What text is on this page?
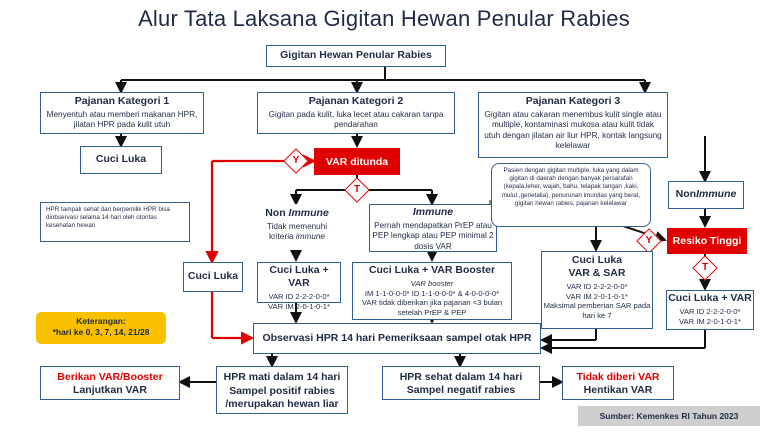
Alur Tata Laksana Gigitan Hewan Penular Rabies
Gigitan Hewan Penular Rabies
Pajanan Kategori 1
Menyentuh atau memberi makanan HPR, jilatan HPR pada kulit utuh
Pajanan Kategori 2
Gigitan pada kulit, luka lecet atau cakaran tanpa pendarahan
Pajanan Kategori 3
Gigitan atau cakaran menembus kulit single atau multiple, kontaminasi mukosa atau kulit tidak utuh dengan jilatan air liur HPR, kontak langsung kelelawar
Cuci Luka	VAR ditunda
Y
T
HPR tampak sehat dan berpemilik HPR bisa diobservasi selama 14 hari oleh otoritas kesehatan hewan
Cuci Luka
Non Immune
Tidak memenuhi kriteria immune
Immune
Pernah mendapatkan PrEP atau PEP lengkap atau PEP minimal 2 dosis VAR
Pasien dengan gigitan multiple, luka yang dalam gigitan di daerah dengan banyak persarafan (kepala,leher, wajah, bahu, telapak tangan ,kaki, mulut ,genetalia), penurunan imunitas yang berat, gigitan hewan rabies, pajanan kelelawar
Y
Non Immune
Resiko Tinggi
T
Cuci Luka + VAR
VAR ID 2-2-2-0-0*
VAR IM 2-0-1-0-1*
Cuci Luka + VAR Booster
VAR booster
IM 1-1-0-0-0* ID 1-1-0-0-0* & 4-0-0-0-0*
VAR tidak diberikan jika pajanan <3 bulan setelah PrEP & PEP
Cuci Luka
VAR & SAR
VAR ID 2-2-2-0-0*
VAR IM 2-0-1-0-1*
Maksimal pemberian SAR pada hari ke 7
Cuci Luka + VAR
VAR ID 2-2-2-0-0*
VAR IM 2-0-1-0-1*
Observasi HPR 14 hari Pemeriksaan sampel otak HPR
Keterangan:
*hari ke 0, 3, 7, 14, 21/28
Berikan VAR/Booster
Lanjutkan VAR
HPR mati dalam 14 hari
Sampel positif rabies
/merupakan hewan liar
HPR sehat dalam 14 hari
Sampel negatif rabies
Tidak diberi VAR
Hentikan VAR
Sumber: Kemenkes RI Tahun 2023
